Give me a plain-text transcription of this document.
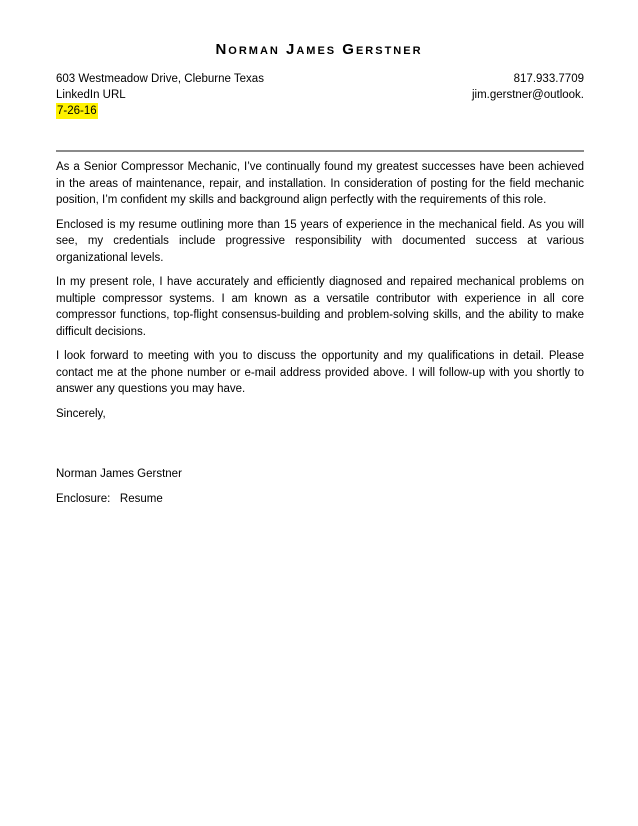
Norman James Gerstner
603 Westmeadow Drive, Cleburne Texas	817.933.7709
LinkedIn URL	jim.gerstner@outlook.
7-26-16

As a Senior Compressor Mechanic, I’ve continually found my greatest successes have been achieved in the areas of maintenance, repair, and installation. In consideration of posting for the field mechanic position, I’m confident my skills and background align perfectly with the requirements of this role.

Enclosed is my resume outlining more than 15 years of experience in the mechanical field. As you will see, my credentials include progressive responsibility with documented success at various organizational levels.

In my present role, I have accurately and efficiently diagnosed and repaired mechanical problems on multiple compressor systems. I am known as a versatile contributor with experience in all core compressor functions, top-flight consensus-building and problem-solving skills, and the ability to make difficult decisions.

I look forward to meeting with you to discuss the opportunity and my qualifications in detail. Please contact me at the phone number or e-mail address provided above. I will follow-up with you shortly to answer any questions you may have.

Sincerely,

Norman James Gerstner

Enclosure:   Resume
